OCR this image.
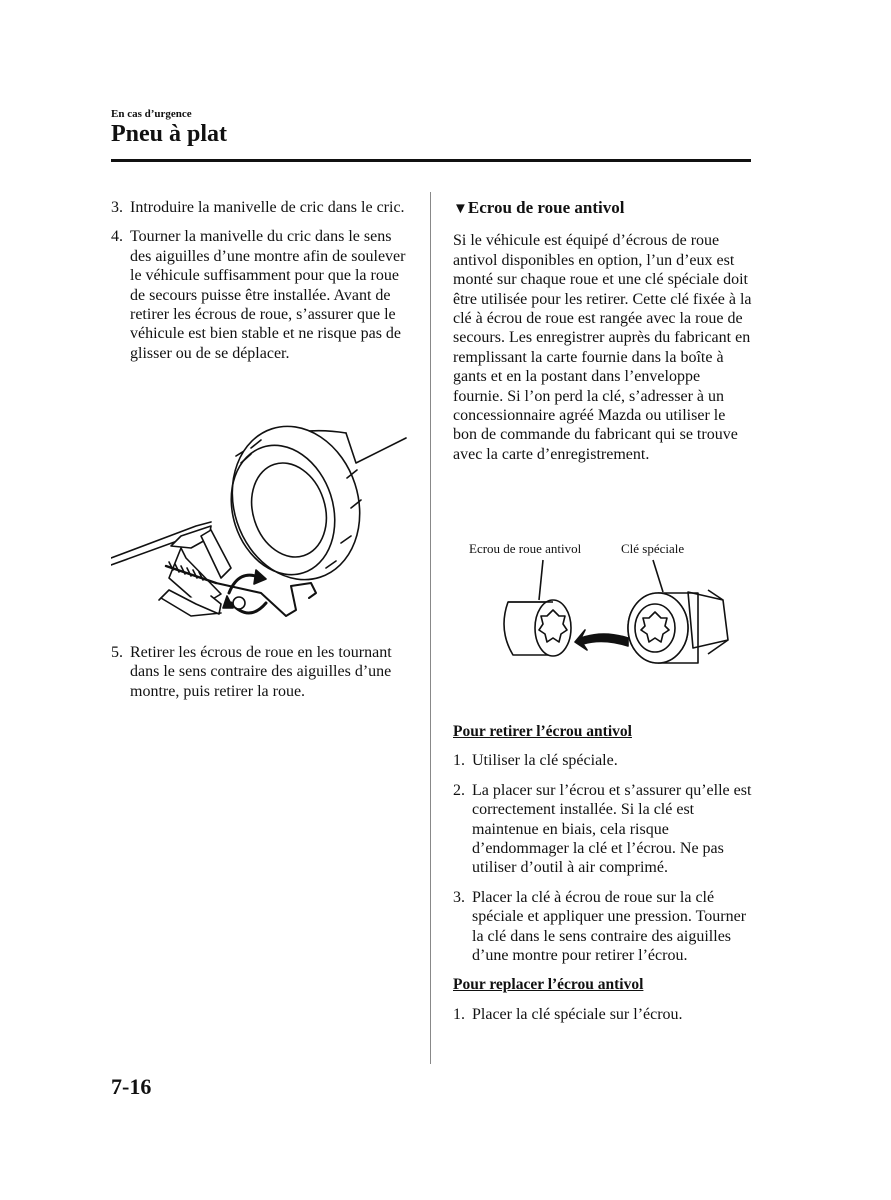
En cas d’urgence
Pneu à plat
3. Introduire la manivelle de cric dans le cric.
4. Tourner la manivelle du cric dans le sens des aiguilles d’une montre afin de soulever le véhicule suffisamment pour que la roue de secours puisse être installée. Avant de retirer les écrous de roue, s’assurer que le véhicule est bien stable et ne risque pas de glisser ou de se déplacer.
5. Retirer les écrous de roue en les tournant dans le sens contraire des aiguilles d’une montre, puis retirer la roue.
▼Ecrou de roue antivol

Si le véhicule est équipé d’écrous de roue antivol disponibles en option, l’un d’eux est monté sur chaque roue et une clé spéciale doit être utilisée pour les retirer. Cette clé fixée à la clé à écrou de roue est rangée avec la roue de secours. Les enregistrer auprès du fabricant en remplissant la carte fournie dans la boîte à gants et en la postant dans l’enveloppe fournie. Si l’on perd la clé, s’adresser à un concessionnaire agréé Mazda ou utiliser le bon de commande du fabricant qui se trouve avec la carte d’enregistrement.

Ecrou de roue antivol	Clé spéciale
Pour retirer l’écrou antivol
1. Utiliser la clé spéciale.
2. La placer sur l’écrou et s’assurer qu’elle est correctement installée. Si la clé est maintenue en biais, cela risque d’endommager la clé et l’écrou. Ne pas utiliser d’outil à air comprimé.
3. Placer la clé à écrou de roue sur la clé spéciale et appliquer une pression. Tourner la clé dans le sens contraire des aiguilles d’une montre pour retirer l’écrou.
Pour replacer l’écrou antivol
1. Placer la clé spéciale sur l’écrou.
7-16
